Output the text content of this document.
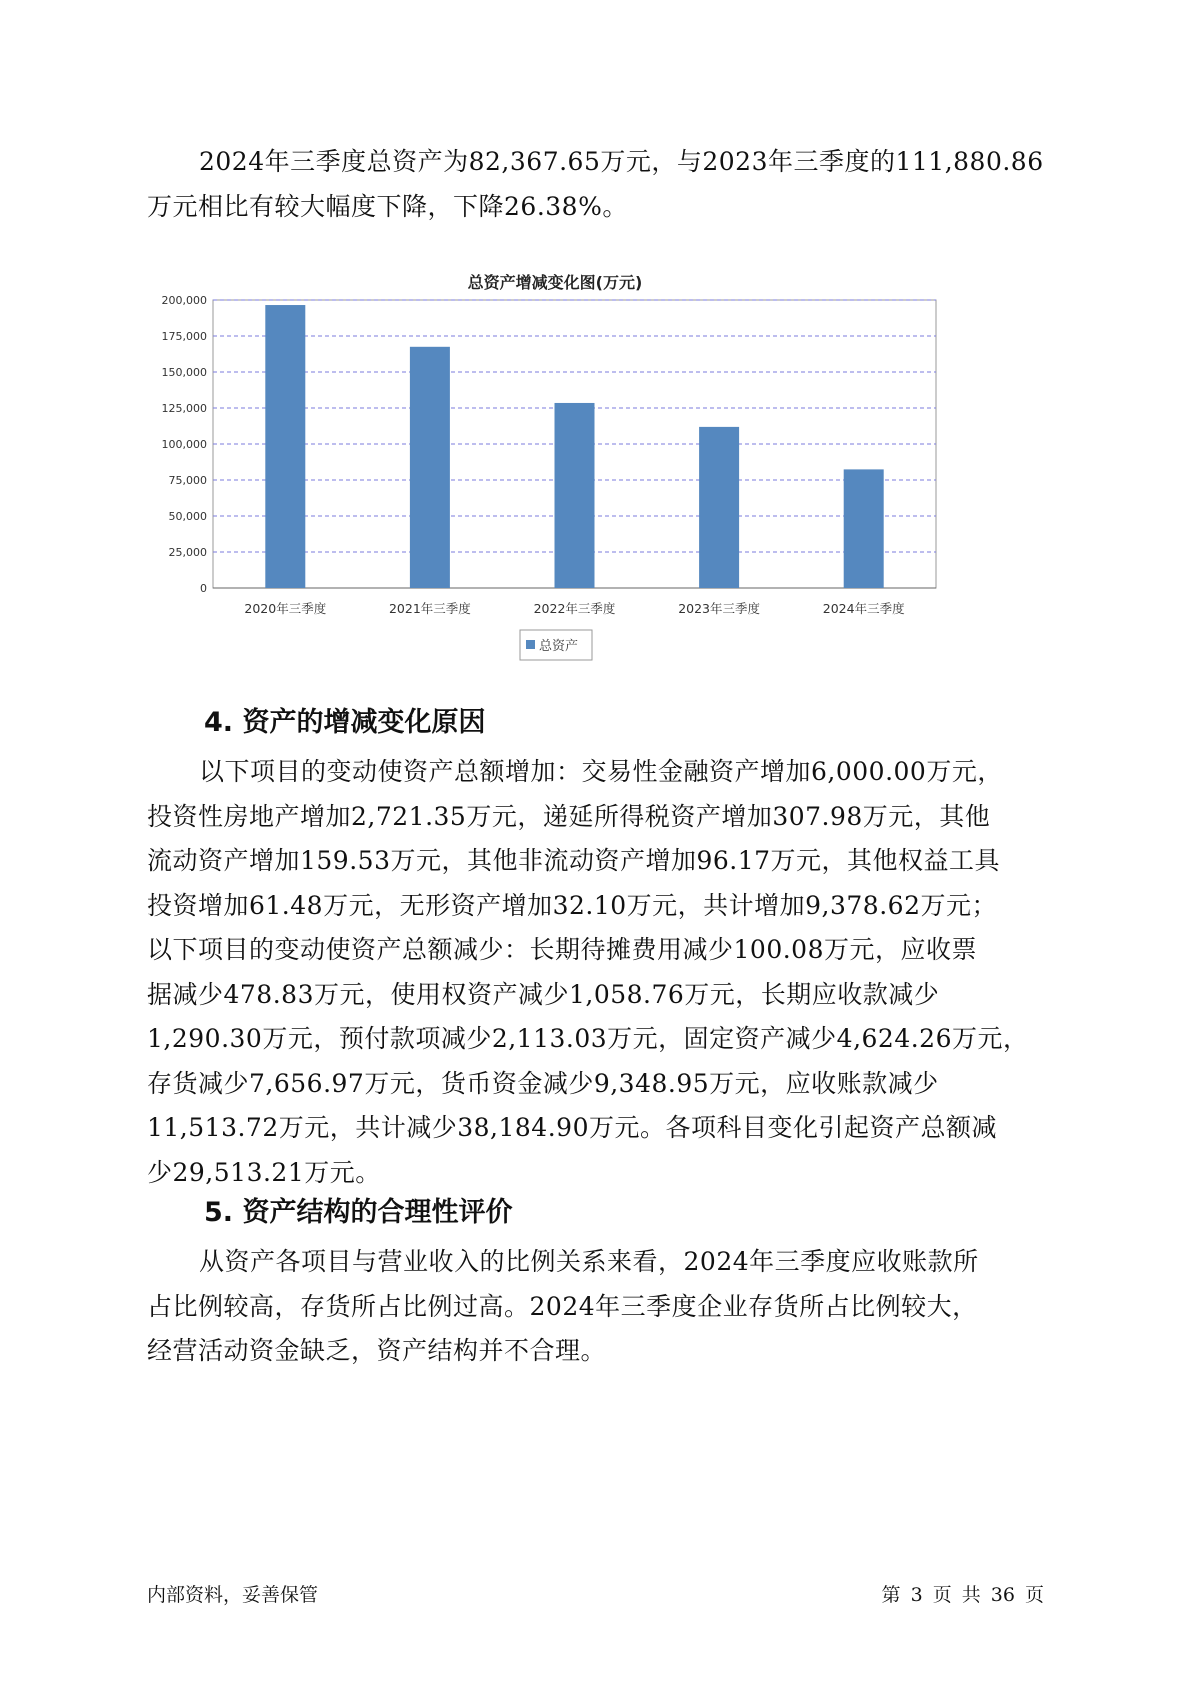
2024年三季度总资产为82,367.65万元，与2023年三季度的111,880.86
万元相比有较大幅度下降，下降26.38%。
总资产增减变化图(万元)
0
25,000
50,000
75,000
100,000
125,000
150,000
175,000
200,000
2020年三季度	2021年三季度	2022年三季度	2023年三季度	2024年三季度
总资产
4. 资产的增减变化原因
以下项目的变动使资产总额增加：交易性金融资产增加6,000.00万元，
投资性房地产增加2,721.35万元，递延所得税资产增加307.98万元，其他
流动资产增加159.53万元，其他非流动资产增加96.17万元，其他权益工具
投资增加61.48万元，无形资产增加32.10万元，共计增加9,378.62万元；
以下项目的变动使资产总额减少：长期待摊费用减少100.08万元，应收票
据减少478.83万元，使用权资产减少1,058.76万元，长期应收款减少
1,290.30万元，预付款项减少2,113.03万元，固定资产减少4,624.26万元，
存货减少7,656.97万元，货币资金减少9,348.95万元，应收账款减少
11,513.72万元，共计减少38,184.90万元。各项科目变化引起资产总额减
少29,513.21万元。
5. 资产结构的合理性评价
从资产各项目与营业收入的比例关系来看，2024年三季度应收账款所
占比例较高，存货所占比例过高。2024年三季度企业存货所占比例较大，
经营活动资金缺乏，资产结构并不合理。
内部资料，妥善保管	第 3 页 共 36 页
